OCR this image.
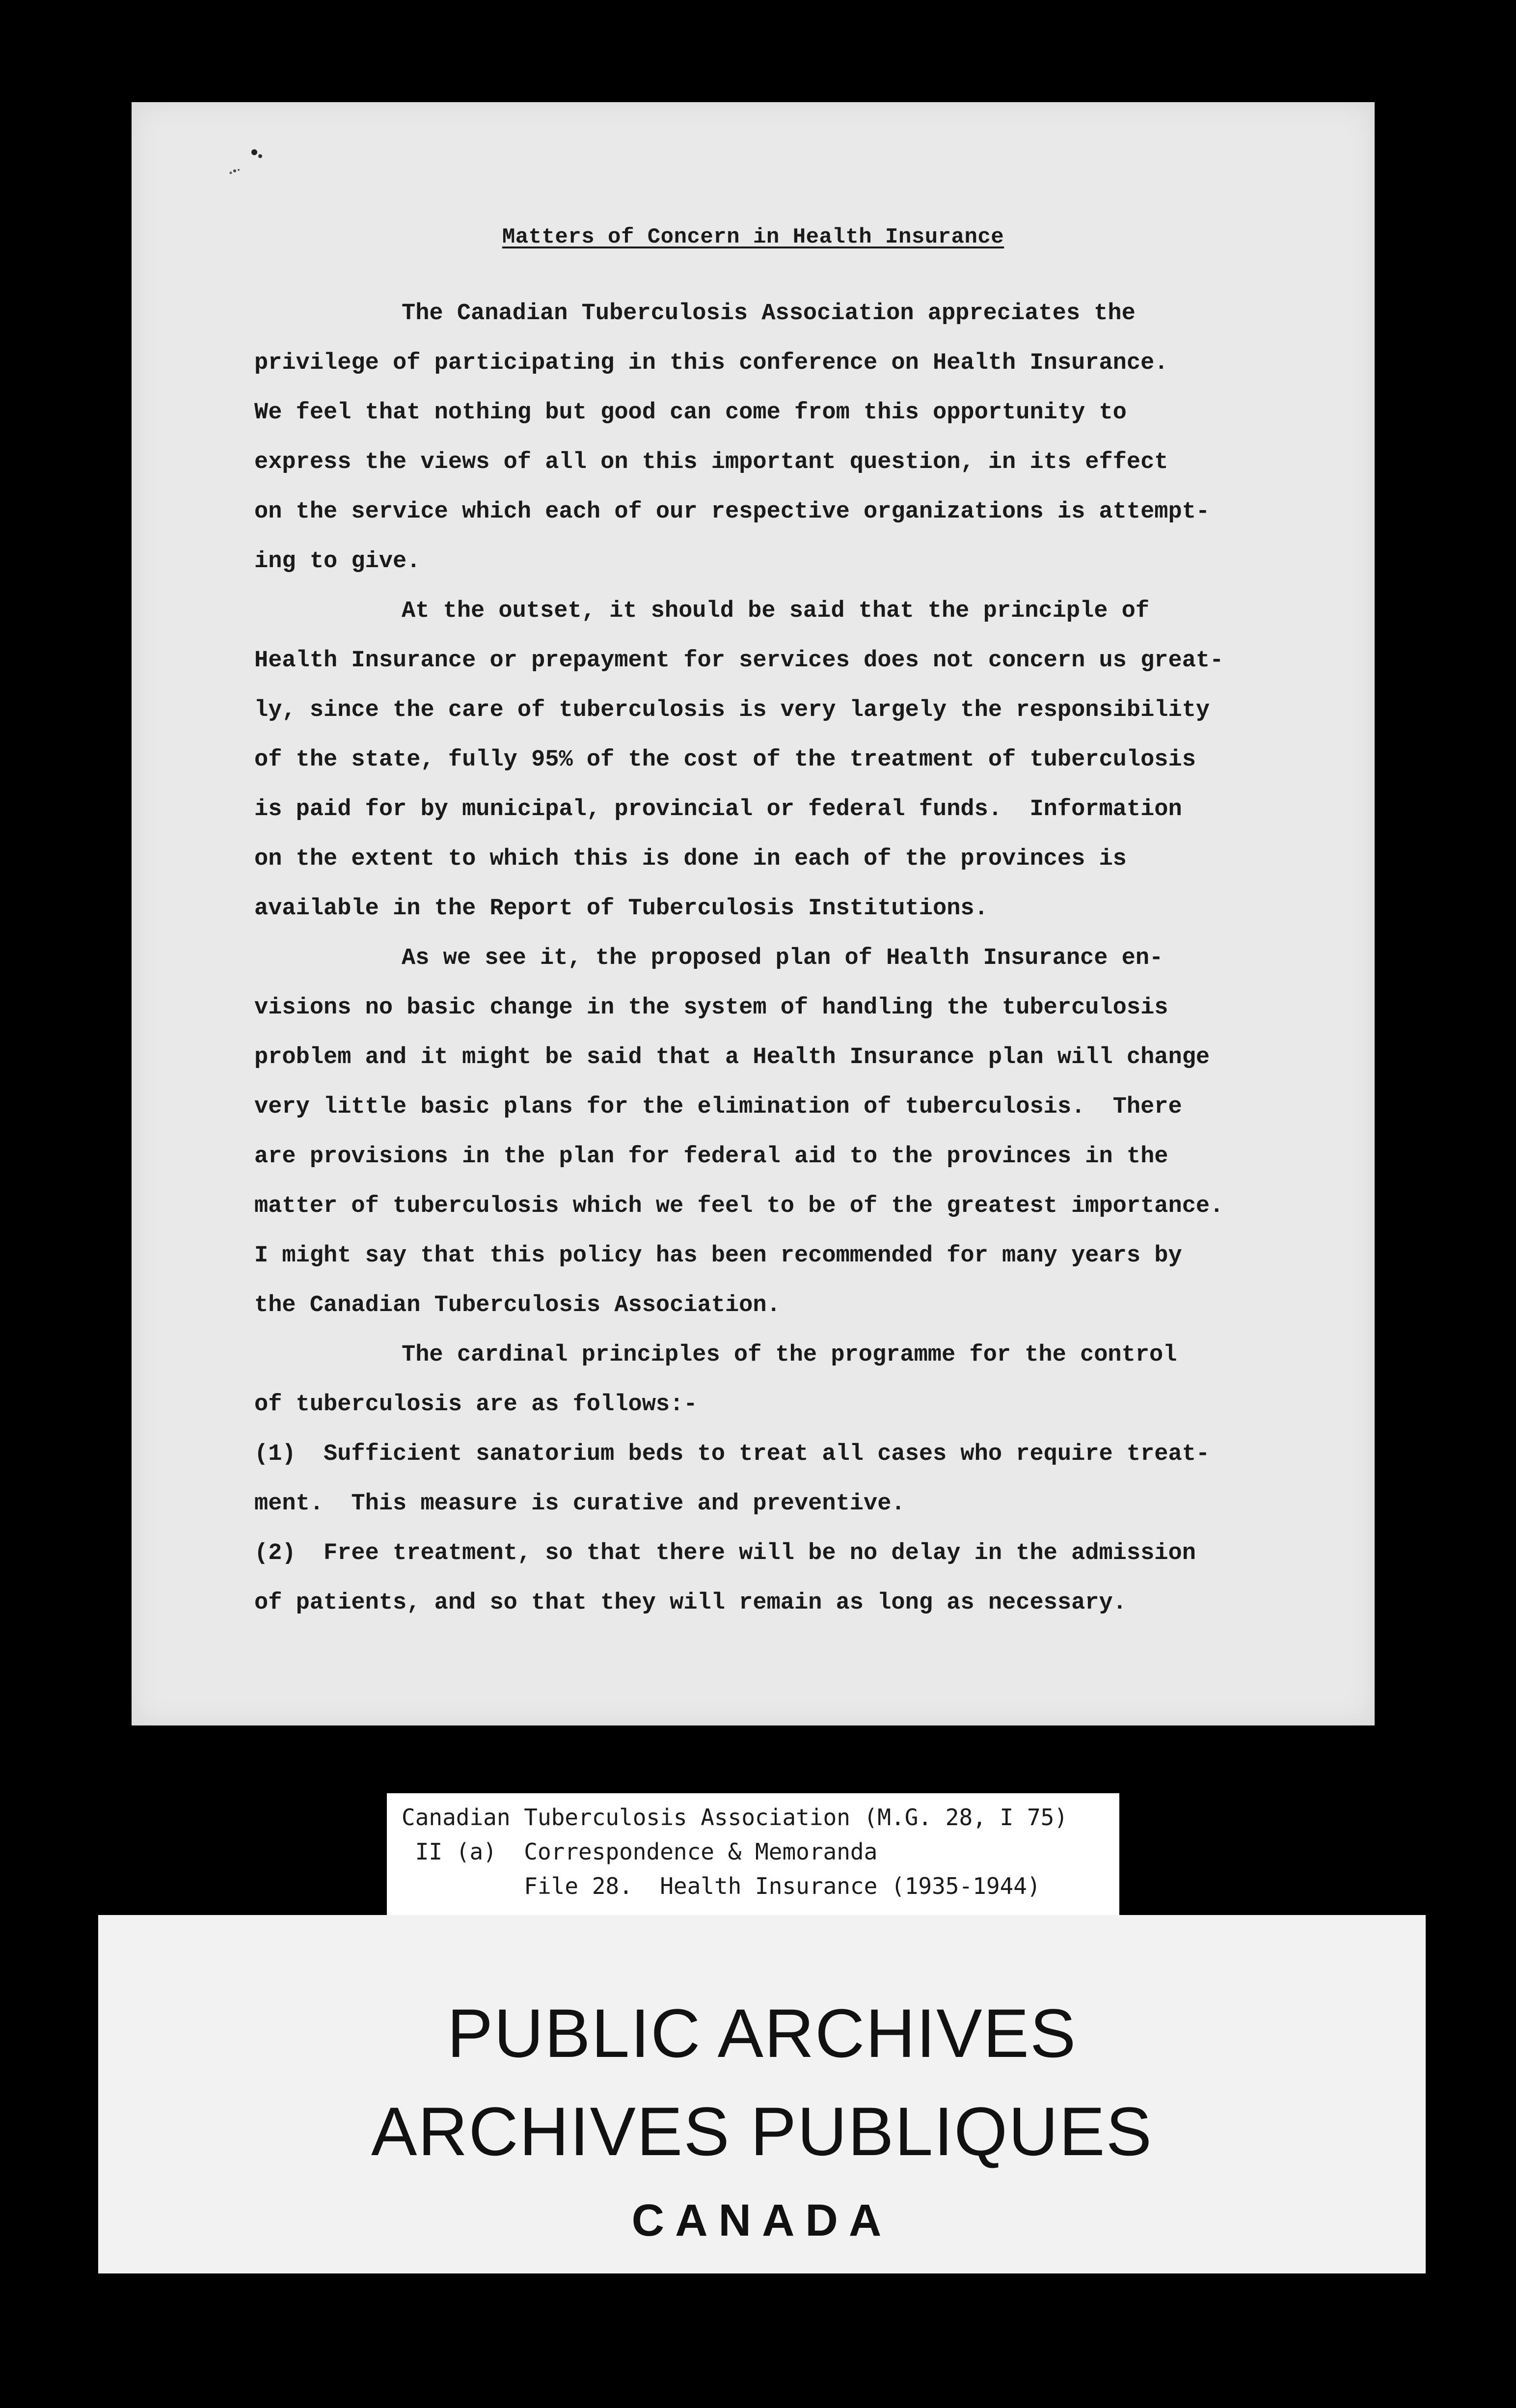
Matters of Concern in Health Insurance
The Canadian Tuberculosis Association appreciates the
privilege of participating in this conference on Health Insurance.
We feel that nothing but good can come from this opportunity to
express the views of all on this important question, in its effect
on the service which each of our respective organizations is attempt-
ing to give.
At the outset, it should be said that the principle of
Health Insurance or prepayment for services does not concern us great-
ly, since the care of tuberculosis is very largely the responsibility
of the state, fully 95% of the cost of the treatment of tuberculosis
is paid for by municipal, provincial or federal funds.  Information
on the extent to which this is done in each of the provinces is
available in the Report of Tuberculosis Institutions.
As we see it, the proposed plan of Health Insurance en-
visions no basic change in the system of handling the tuberculosis
problem and it might be said that a Health Insurance plan will change
very little basic plans for the elimination of tuberculosis.  There
are provisions in the plan for federal aid to the provinces in the
matter of tuberculosis which we feel to be of the greatest importance.
I might say that this policy has been recommended for many years by
the Canadian Tuberculosis Association.
The cardinal principles of the programme for the control
of tuberculosis are as follows:-
(1)  Sufficient sanatorium beds to treat all cases who require treat-
ment.  This measure is curative and preventive.
(2)  Free treatment, so that there will be no delay in the admission
of patients, and so that they will remain as long as necessary.
Canadian Tuberculosis Association (M.G. 28, I 75)
II (a)  Correspondence & Memoranda
File 28.  Health Insurance (1935-1944)
PUBLIC ARCHIVES
ARCHIVES PUBLIQUES
CANADA
